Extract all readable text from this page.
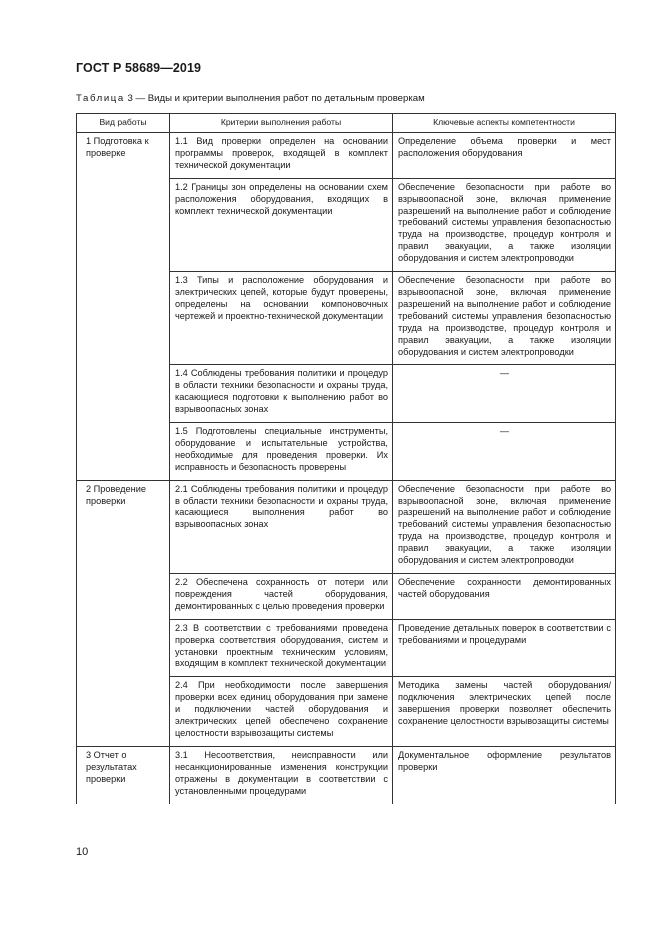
ГОСТ Р 58689—2019
Таблица 3 — Виды и критерии выполнения работ по детальным проверкам
Вид работы	Критерии выполнения работы	Ключевые аспекты компетентности
1 Подготовка к проверке	1.1 Вид проверки определен на основании программы проверок, входящей в комплект технической документации	Определение объема проверки и мест расположения оборудования
	1.2 Границы зон определены на основании схем расположения оборудования, входящих в комплект технической документации	Обеспечение безопасности при работе во взрывоопасной зоне, включая применение разрешений на выполнение работ и соблюдение требований системы управления безопасностью труда на производстве, процедур контроля и правил эвакуации, а также изоляции оборудования и систем электропроводки
	1.3 Типы и расположение оборудования и электрических цепей, которые будут проверены, определены на основании компоновочных чертежей и проектно-технической документации	Обеспечение безопасности при работе во взрывоопасной зоне, включая применение разрешений на выполнение работ и соблюдение требований системы управления безопасностью труда на производстве, процедур контроля и правил эвакуации, а также изоляции оборудования и систем электропроводки
	1.4 Соблюдены требования политики и процедур в области техники безопасности и охраны труда, касающиеся подготовки к выполнению работ во взрывоопасных зонах	—
	1.5 Подготовлены специальные инструменты, оборудование и испытательные устройства, необходимые для проведения проверки. Их исправность и безопасность проверены	—
2 Проведение проверки	2.1 Соблюдены требования политики и процедур в области техники безопасности и охраны труда, касающиеся выполнения работ во взрывоопасных зонах	Обеспечение безопасности при работе во взрывоопасной зоне, включая применение разрешений на выполнение работ и соблюдение требований системы управления безопасностью труда на производстве, процедур контроля и правил эвакуации, а также изоляции оборудования и систем электропроводки
	2.2 Обеспечена сохранность от потери или повреждения частей оборудования, демонтированных с целью проведения проверки	Обеспечение сохранности демонтированных частей оборудования
	2.3 В соответствии с требованиями проведена проверка соответствия оборудования, систем и установки проектным техническим условиям, входящим в комплект технической документации	Проведение детальных поверок в соответствии с требованиями и процедурами
	2.4 При необходимости после завершения проверки всех единиц оборудования при замене и подключении частей оборудования и электрических цепей обеспечено сохранение целостности взрывозащиты системы	Методика замены частей оборудования/подключения электрических цепей после завершения проверки позволяет обеспечить сохранение целостности взрывозащиты системы
3 Отчет о результатах проверки	3.1 Несоответствия, неисправности или несанкционированные изменения конструкции отражены в документации в соответствии с установленными процедурами	Документальное оформление результатов проверки
10
